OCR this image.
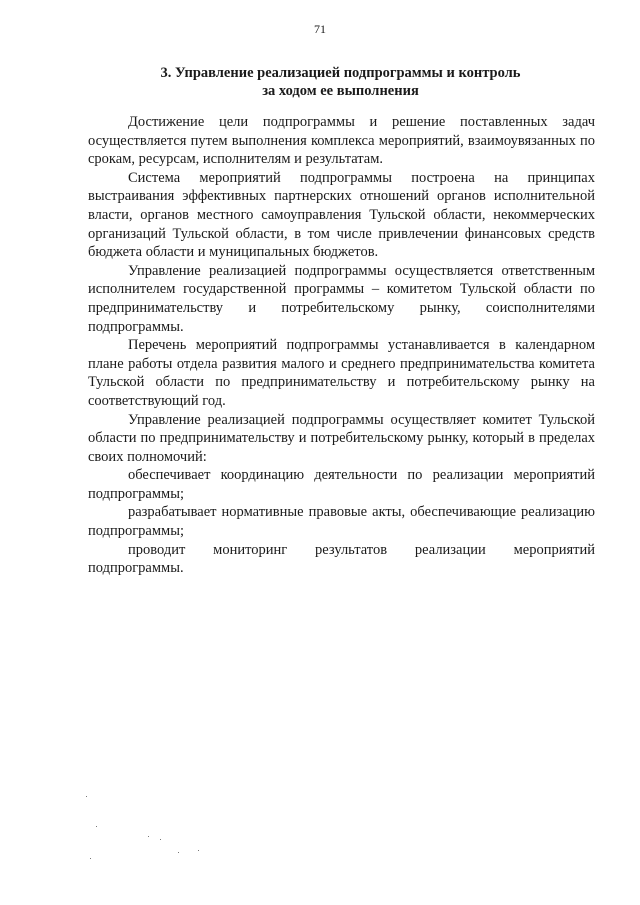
71
3. Управление реализацией подпрограммы и контроль
за ходом ее выполнения

Достижение цели подпрограммы и решение поставленных задач осуществляется путем выполнения комплекса мероприятий, взаимоувязанных по срокам, ресурсам, исполнителям и результатам.

Система мероприятий подпрограммы построена на принципах выстраивания эффективных партнерских отношений органов исполнительной власти, органов местного самоуправления Тульской области, некоммерческих организаций Тульской области, в том числе привлечении финансовых средств бюджета области и муниципальных бюджетов.

Управление реализацией подпрограммы осуществляется ответственным исполнителем государственной программы – комитетом Тульской области по предпринимательству и потребительскому рынку, соисполнителями подпрограммы.

Перечень мероприятий подпрограммы устанавливается в календарном плане работы отдела развития малого и среднего предпринимательства комитета Тульской области по предпринимательству и потребительскому рынку на соответствующий год.

Управление реализацией подпрограммы осуществляет комитет Тульской области по предпринимательству и потребительскому рынку, который в пределах своих полномочий:

обеспечивает координацию деятельности по реализации мероприятий подпрограммы;

разрабатывает нормативные правовые акты, обеспечивающие реализацию подпрограммы;

проводит мониторинг результатов реализации мероприятий подпрограммы.
